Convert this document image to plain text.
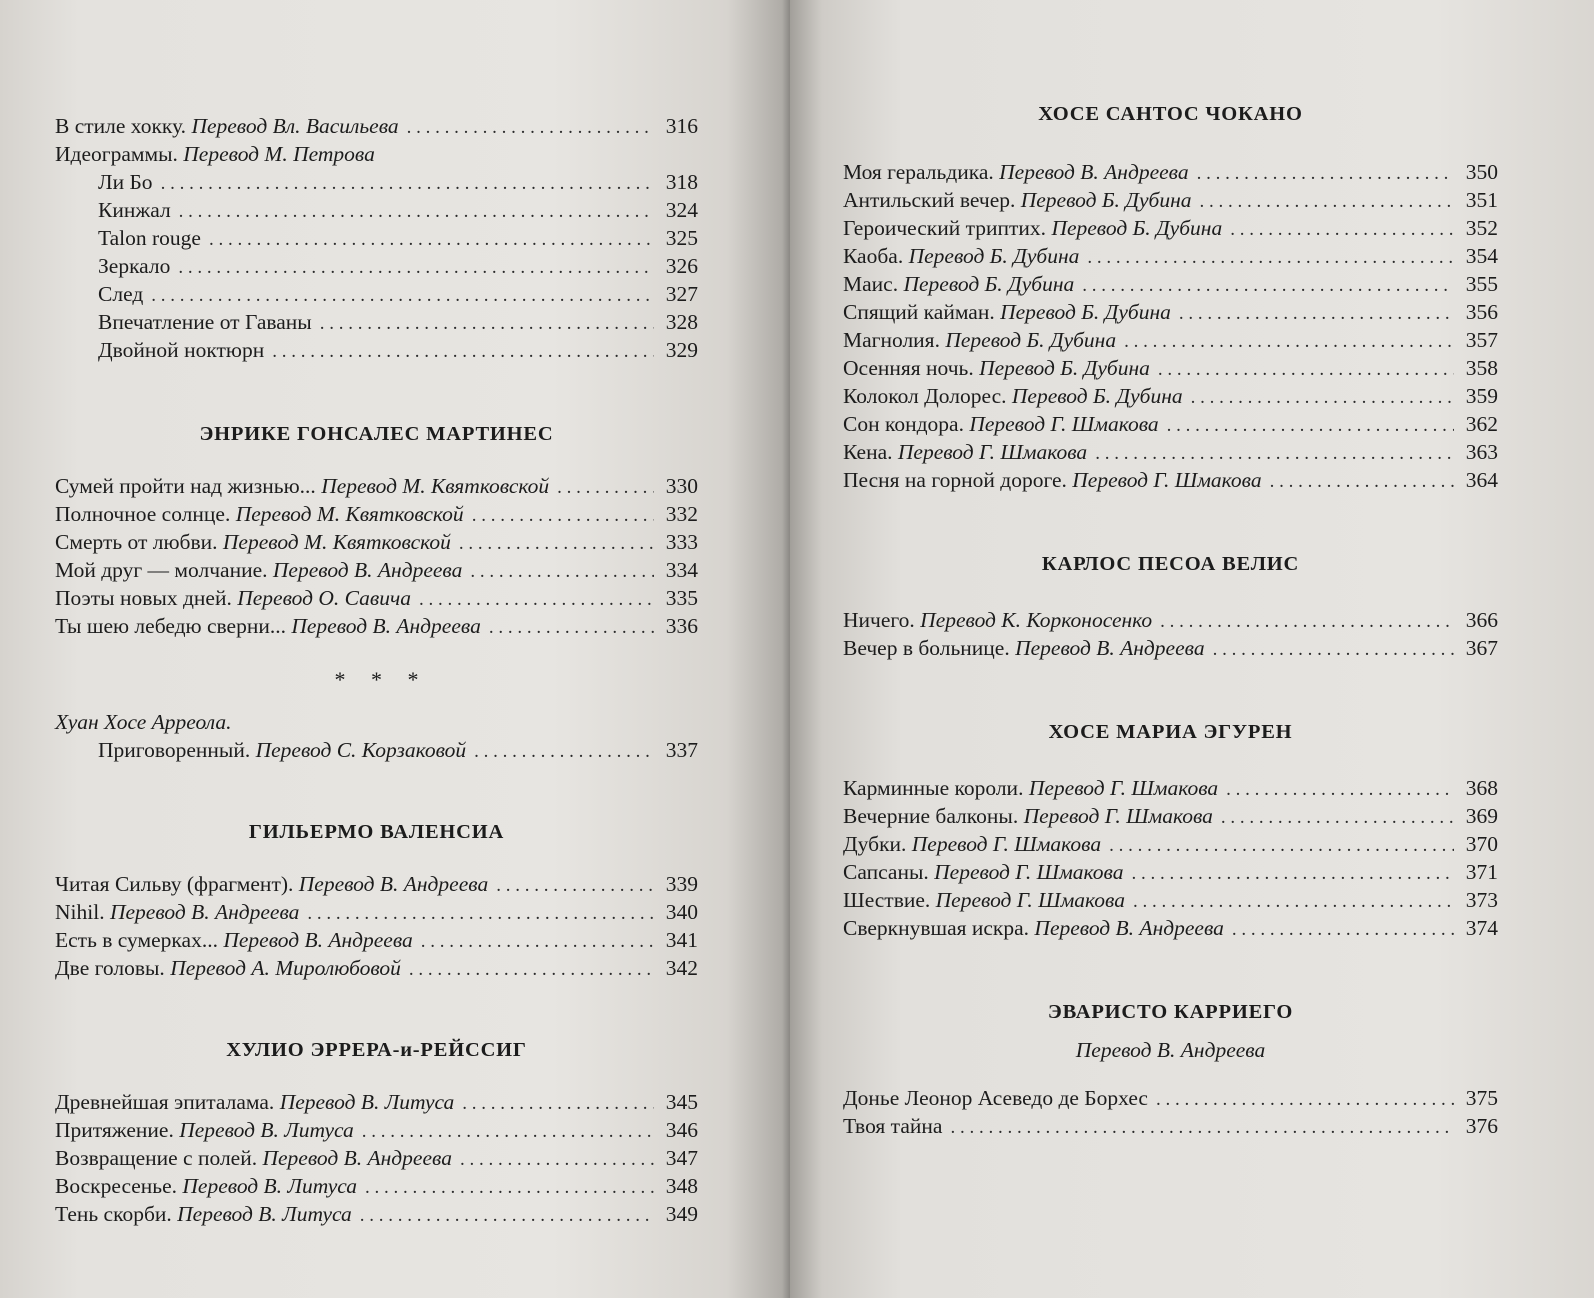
В стиле хокку. Перевод Вл. Васильева . . .	316
Идеограммы. Перевод М. Петрова
Ли Бо . . .	318
Кинжал . . .	324
Talon rouge . . .	325
Зеркало . . .	326
След . . .	327
Впечатление от Гаваны . . .	328
Двойной ноктюрн . . .	329
ЭНРИКЕ ГОНСАЛЕС МАРТИНЕС
Сумей пройти над жизнью... Перевод М. Квятковской . . .	330
Полночное солнце. Перевод М. Квятковской . . .	332
Смерть от любви. Перевод М. Квятковской . . .	333
Мой друг — молчание. Перевод В. Андреева . . .	334
Поэты новых дней. Перевод О. Савича . . .	335
Ты шею лебедю сверни... Перевод В. Андреева . . .	336
* * *
Хуан Хосе Арреола.
Приговоренный. Перевод С. Корзаковой . . .	337
ГИЛЬЕРМО ВАЛЕНСИА
Читая Сильву (фрагмент). Перевод В. Андреева . . .	339
Nihil. Перевод В. Андреева . . .	340
Есть в сумерках... Перевод В. Андреева . . .	341
Две головы. Перевод А. Миролюбовой . . .	342
ХУЛИО ЭРРЕРА-и-РЕЙССИГ
Древнейшая эпиталама. Перевод В. Литуса . . .	345
Притяжение. Перевод В. Литуса . . .	346
Возвращение с полей. Перевод В. Андреева . . .	347
Воскресенье. Перевод В. Литуса . . .	348
Тень скорби. Перевод В. Литуса . . .	349
ХОСЕ САНТОС ЧОКАНО
Моя геральдика. Перевод В. Андреева . . .	350
Антильский вечер. Перевод Б. Дубина . . .	351
Героический триптих. Перевод Б. Дубина . . .	352
Каоба. Перевод Б. Дубина . . .	354
Маис. Перевод Б. Дубина . . .	355
Спящий кайман. Перевод Б. Дубина . . .	356
Магнолия. Перевод Б. Дубина . . .	357
Осенняя ночь. Перевод Б. Дубина . . .	358
Колокол Долорес. Перевод Б. Дубина . . .	359
Сон кондора. Перевод Г. Шмакова . . .	362
Кена. Перевод Г. Шмакова . . .	363
Песня на горной дороге. Перевод Г. Шмакова . . .	364
КАРЛОС ПЕСОА ВЕЛИС
Ничего. Перевод К. Корконосенко . . .	366
Вечер в больнице. Перевод В. Андреева . . .	367
ХОСЕ МАРИА ЭГУРЕН
Карминные короли. Перевод Г. Шмакова . . .	368
Вечерние балконы. Перевод Г. Шмакова . . .	369
Дубки. Перевод Г. Шмакова . . .	370
Сапсаны. Перевод Г. Шмакова . . .	371
Шествие. Перевод Г. Шмакова . . .	373
Сверкнувшая искра. Перевод В. Андреева . . .	374
ЭВАРИСТО КАРРИЕГО
Перевод В. Андреева
Донье Леонор Асеведо де Борхес . . .	375
Твоя тайна . . .	376
